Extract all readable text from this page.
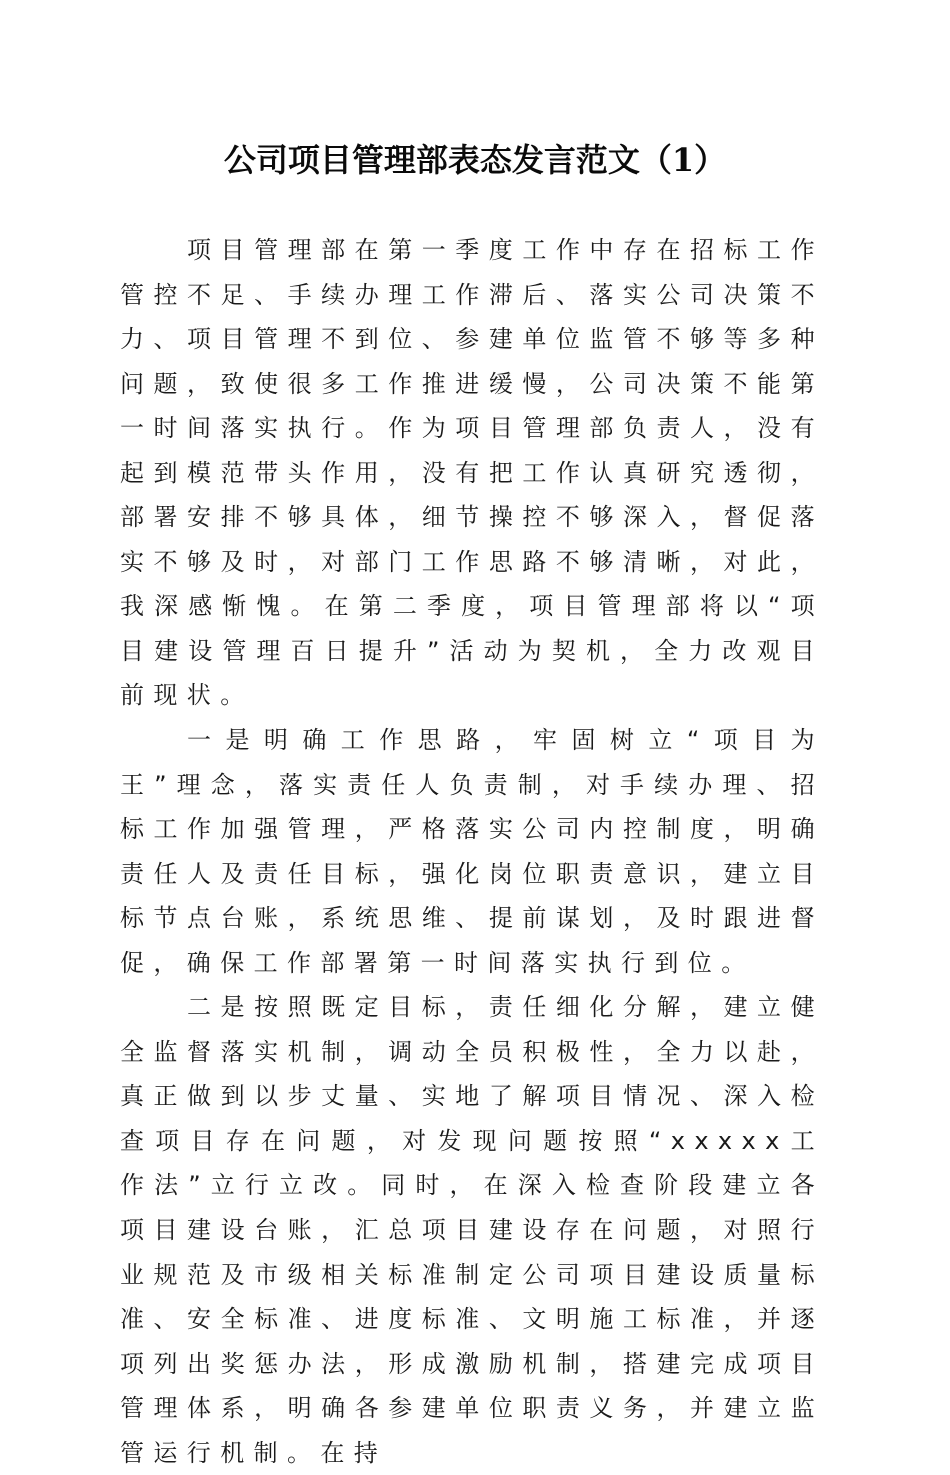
公司项目管理部表态发言范文（1）

项目管理部在第一季度工作中存在招标工作管控不足、手续办理工作滞后、落实公司决策不力、项目管理不到位、参建单位监管不够等多种问题，致使很多工作推进缓慢，公司决策不能第一时间落实执行。作为项目管理部负责人，没有起到模范带头作用，没有把工作认真研究透彻，部署安排不够具体，细节操控不够深入，督促落实不够及时，对部门工作思路不够清晰，对此，我深感惭愧。在第二季度，项目管理部将以“项目建设管理百日提升”活动为契机，全力改观目前现状。

一是明确工作思路，牢固树立“项目为王”理念，落实责任人负责制，对手续办理、招标工作加强管理，严格落实公司内控制度，明确责任人及责任目标，强化岗位职责意识，建立目标节点台账，系统思维、提前谋划，及时跟进督促，确保工作部署第一时间落实执行到位。

二是按照既定目标，责任细化分解，建立健全监督落实机制，调动全员积极性，全力以赴，真正做到以步丈量、实地了解项目情况、深入检查项目存在问题，对发现问题按照“xxxxx工作法”立行立改。同时，在深入检查阶段建立各项目建设台账，汇总项目建设存在问题，对照行业规范及市级相关标准制定公司项目建设质量标准、安全标准、进度标准、文明施工标准，并逐项列出奖惩办法，形成激励机制，搭建完成项目管理体系，明确各参建单位职责义务，并建立监管运行机制。在持
